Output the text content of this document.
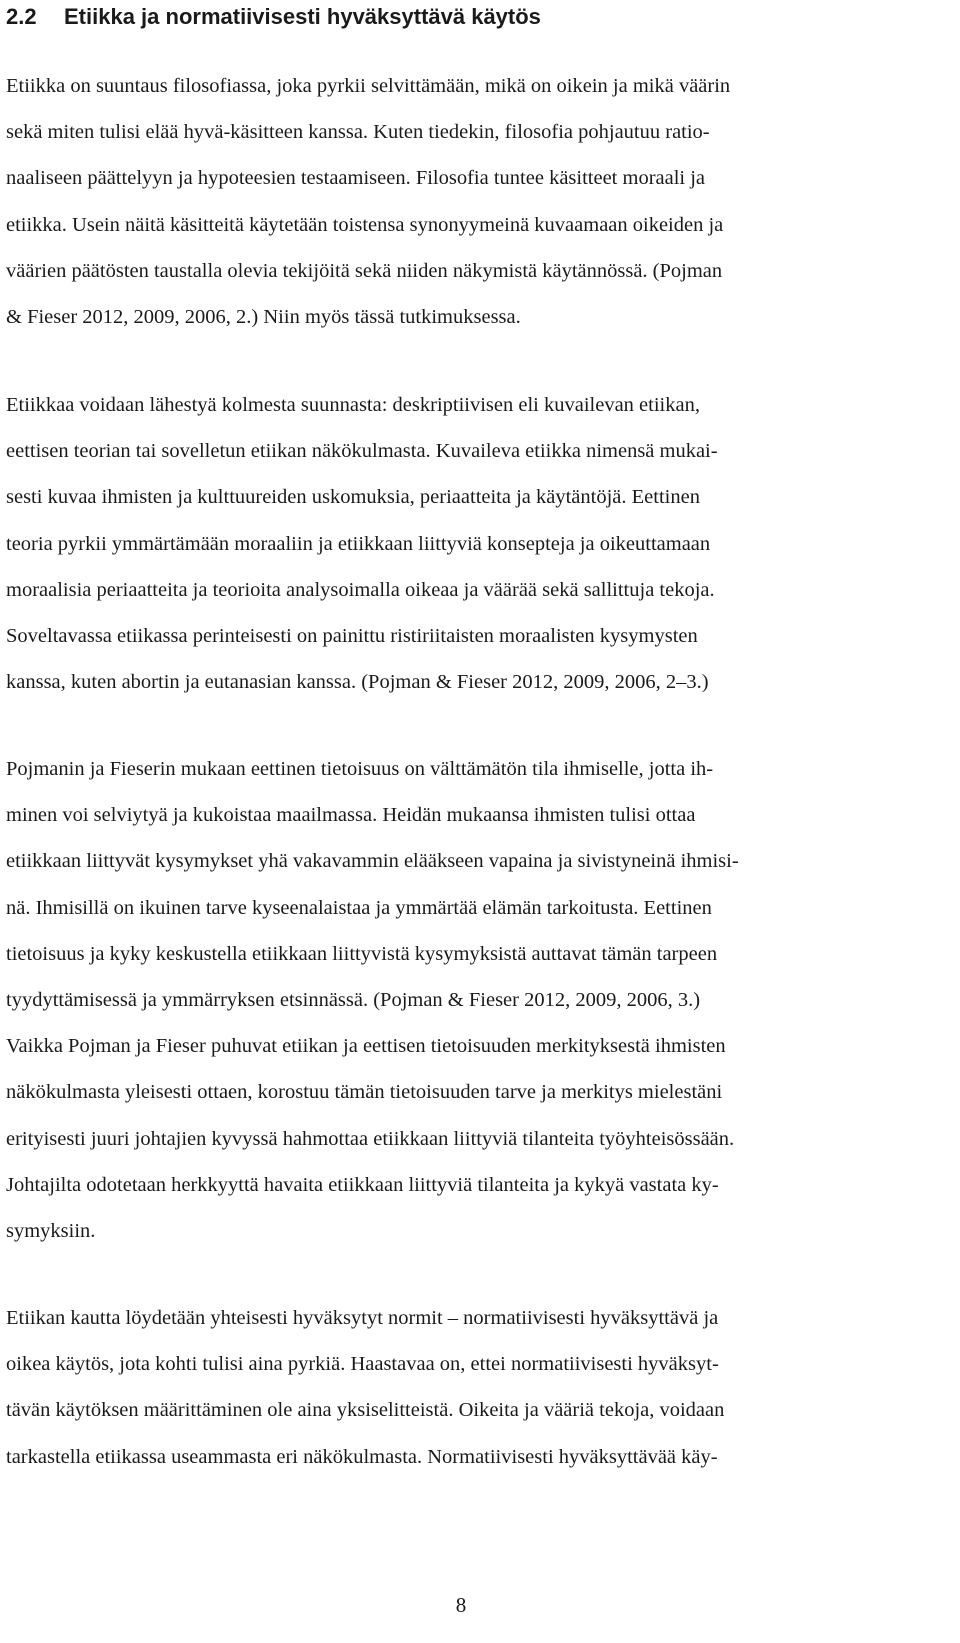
2.2 Etiikka ja normatiivisesti hyväksyttävä käytös

Etiikka on suuntaus filosofiassa, joka pyrkii selvittämään, mikä on oikein ja mikä väärin
sekä miten tulisi elää hyvä-käsitteen kanssa. Kuten tiedekin, filosofia pohjautuu ratio-
naaliseen päättelyyn ja hypoteesien testaamiseen. Filosofia tuntee käsitteet moraali ja
etiikka. Usein näitä käsitteitä käytetään toistensa synonyymeinä kuvaamaan oikeiden ja
väärien päätösten taustalla olevia tekijöitä sekä niiden näkymistä käytännössä. (Pojman
& Fieser 2012, 2009, 2006, 2.) Niin myös tässä tutkimuksessa.

Etiikkaa voidaan lähestyä kolmesta suunnasta: deskriptiivisen eli kuvailevan etiikan,
eettisen teorian tai sovelletun etiikan näkökulmasta. Kuvaileva etiikka nimensä mukai-
sesti kuvaa ihmisten ja kulttuureiden uskomuksia, periaatteita ja käytäntöjä. Eettinen
teoria pyrkii ymmärtämään moraaliin ja etiikkaan liittyviä konsepteja ja oikeuttamaan
moraalisia periaatteita ja teorioita analysoimalla oikeaa ja väärää sekä sallittuja tekoja.
Soveltavassa etiikassa perinteisesti on painittu ristiriitaisten moraalisten kysymysten
kanssa, kuten abortin ja eutanasian kanssa. (Pojman & Fieser 2012, 2009, 2006, 2–3.)

Pojmanin ja Fieserin mukaan eettinen tietoisuus on välttämätön tila ihmiselle, jotta ih-
minen voi selviytyä ja kukoistaa maailmassa. Heidän mukaansa ihmisten tulisi ottaa
etiikkaan liittyvät kysymykset yhä vakavammin elääkseen vapaina ja sivistyneinä ihmisi-
nä. Ihmisillä on ikuinen tarve kyseenalaistaa ja ymmärtää elämän tarkoitusta. Eettinen
tietoisuus ja kyky keskustella etiikkaan liittyvistä kysymyksistä auttavat tämän tarpeen
tyydyttämisessä ja ymmärryksen etsinnässä. (Pojman & Fieser 2012, 2009, 2006, 3.)
Vaikka Pojman ja Fieser puhuvat etiikan ja eettisen tietoisuuden merkityksestä ihmisten
näkökulmasta yleisesti ottaen, korostuu tämän tietoisuuden tarve ja merkitys mielestäni
erityisesti juuri johtajien kyvyssä hahmottaa etiikkaan liittyviä tilanteita työyhteisössään.
Johtajilta odotetaan herkkyyttä havaita etiikkaan liittyviä tilanteita ja kykyä vastata ky-
symyksiin.

Etiikan kautta löydetään yhteisesti hyväksytyt normit – normatiivisesti hyväksyttävä ja
oikea käytös, jota kohti tulisi aina pyrkiä. Haastavaa on, ettei normatiivisesti hyväksyt-
tävän käytöksen määrittäminen ole aina yksiselitteistä. Oikeita ja vääriä tekoja, voidaan
tarkastella etiikassa useammasta eri näkökulmasta. Normatiivisesti hyväksyttävää käy-

8
